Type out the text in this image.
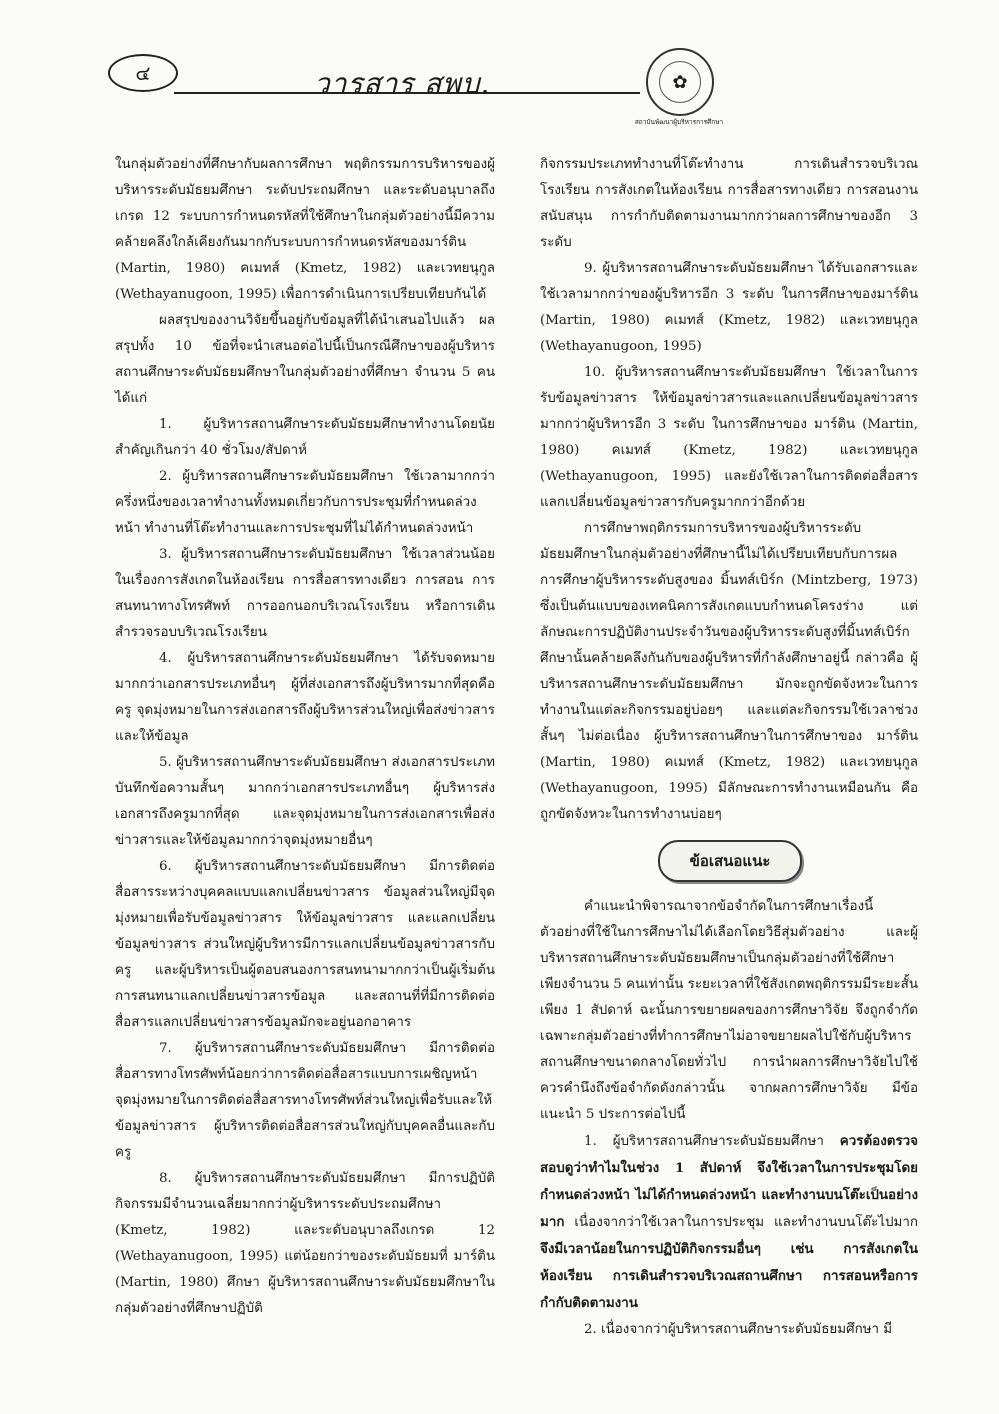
๔	วารสาร สพบ.	✿
สถาบันพัฒนาผู้บริหารการศึกษา

ในกลุ่มตัวอย่างที่ศึกษากับผลการศึกษา พฤติกรรมการบริหารของผู้บริหารระดับมัธยมศึกษา ระดับประถมศึกษา และระดับอนุบาลถึงเกรด 12 ระบบการกำหนดรหัสที่ใช้ศึกษาในกลุ่มตัวอย่างนี้มีความคล้ายคลึงใกล้เคียงกันมากกับระบบการกำหนดรหัสของมาร์ติน (Martin, 1980) คเมทส์ (Kmetz, 1982) และเวทยนุกูล (Wethayanugoon, 1995) เพื่อการดำเนินการเปรียบเทียบกันได้

ผลสรุปของงานวิจัยขึ้นอยู่กับข้อมูลที่ได้นำเสนอไปแล้ว ผลสรุปทั้ง 10 ข้อที่จะนำเสนอต่อไปนี้เป็นกรณีศึกษาของผู้บริหารสถานศึกษาระดับมัธยมศึกษาในกลุ่มตัวอย่างที่ศึกษา จำนวน 5 คน ได้แก่

1. ผู้บริหารสถานศึกษาระดับมัธยมศึกษาทำงานโดยนัยสำคัญเกินกว่า 40 ชั่วโมง/สัปดาห์

2. ผู้บริหารสถานศึกษาระดับมัธยมศึกษา ใช้เวลามากกว่าครึ่งหนึ่งของเวลาทำงานทั้งหมดเกี่ยวกับการประชุมที่กำหนดล่วงหน้า ทำงานที่โต๊ะทำงานและการประชุมที่ไม่ได้กำหนดล่วงหน้า

3. ผู้บริหารสถานศึกษาระดับมัธยมศึกษา ใช้เวลาส่วนน้อยในเรื่องการสังเกตในห้องเรียน การสื่อสารทางเดียว การสอน การสนทนาทางโทรศัพท์ การออกนอกบริเวณโรงเรียน หรือการเดินสำรวจรอบบริเวณโรงเรียน

4. ผู้บริหารสถานศึกษาระดับมัธยมศึกษา ได้รับจดหมายมากกว่าเอกสารประเภทอื่นๆ ผู้ที่ส่งเอกสารถึงผู้บริหารมากที่สุดคือครู จุดมุ่งหมายในการส่งเอกสารถึงผู้บริหารส่วนใหญ่เพื่อส่งข่าวสารและให้ข้อมูล

5. ผู้บริหารสถานศึกษาระดับมัธยมศึกษา ส่งเอกสารประเภทบันทึกข้อความสั้นๆ มากกว่าเอกสารประเภทอื่นๆ ผู้บริหารส่งเอกสารถึงครูมากที่สุด และจุดมุ่งหมายในการส่งเอกสารเพื่อส่งข่าวสารและให้ข้อมูลมากกว่าจุดมุ่งหมายอื่นๆ

6. ผู้บริหารสถานศึกษาระดับมัธยมศึกษา มีการติดต่อสื่อสารระหว่างบุคคลแบบแลกเปลี่ยนข่าวสาร ข้อมูลส่วนใหญ่มีจุดมุ่งหมายเพื่อรับข้อมูลข่าวสาร ให้ข้อมูลข่าวสาร และแลกเปลี่ยนข้อมูลข่าวสาร ส่วนใหญ่ผู้บริหารมีการแลกเปลี่ยนข้อมูลข่าวสารกับครู และผู้บริหารเป็นผู้ตอบสนองการสนทนามากกว่าเป็นผู้เริ่มต้นการสนทนาแลกเปลี่ยนข่าวสารข้อมูล และสถานที่ที่มีการติดต่อสื่อสารแลกเปลี่ยนข่าวสารข้อมูลมักจะอยู่นอกอาคาร

7. ผู้บริหารสถานศึกษาระดับมัธยมศึกษา มีการติดต่อสื่อสารทางโทรศัพท์น้อยกว่าการติดต่อสื่อสารแบบการเผชิญหน้า จุดมุ่งหมายในการติดต่อสื่อสารทางโทรศัพท์ส่วนใหญ่เพื่อรับและให้ข้อมูลข่าวสาร ผู้บริหารติดต่อสื่อสารส่วนใหญ่กับบุคคลอื่นและกับครู

8. ผู้บริหารสถานศึกษาระดับมัธยมศึกษา มีการปฏิบัติกิจกรรมมีจำนวนเฉลี่ยมากกว่าผู้บริหารระดับประถมศึกษา (Kmetz, 1982) และระดับอนุบาลถึงเกรด 12 (Wethayanugoon, 1995) แต่น้อยกว่าของระดับมัธยมที่ มาร์ติน (Martin, 1980) ศึกษา ผู้บริหารสถานศึกษาระดับมัธยมศึกษาในกลุ่มตัวอย่างที่ศึกษาปฏิบัติ

กิจกรรมประเภททำงานที่โต๊ะทำงาน การเดินสำรวจบริเวณโรงเรียน การสังเกตในห้องเรียน การสื่อสารทางเดียว การสอนงาน สนับสนุน การกำกับติดตามงานมากกว่าผลการศึกษาของอีก 3 ระดับ

9. ผู้บริหารสถานศึกษาระดับมัธยมศึกษา ได้รับเอกสารและใช้เวลามากกว่าของผู้บริหารอีก 3 ระดับ ในการศึกษาของมาร์ติน (Martin, 1980) คเมทส์ (Kmetz, 1982) และเวทยนุกูล (Wethayanugoon, 1995)

10. ผู้บริหารสถานศึกษาระดับมัธยมศึกษา ใช้เวลาในการรับข้อมูลข่าวสาร ให้ข้อมูลข่าวสารและแลกเปลี่ยนข้อมูลข่าวสาร มากกว่าผู้บริหารอีก 3 ระดับ ในการศึกษาของ มาร์ติน (Martin, 1980) คเมทส์ (Kmetz, 1982) และเวทยนุกูล (Wethayanugoon, 1995) และยังใช้เวลาในการติดต่อสื่อสารแลกเปลี่ยนข้อมูลข่าวสารกับครูมากกว่าอีกด้วย

การศึกษาพฤติกรรมการบริหารของผู้บริหารระดับมัธยมศึกษาในกลุ่มตัวอย่างที่ศึกษานี้ไม่ได้เปรียบเทียบกับการผลการศึกษาผู้บริหารระดับสูงของ มิ้นทส์เบิร์ก (Mintzberg, 1973) ซึ่งเป็นต้นแบบของเทคนิคการสังเกตแบบกำหนดโครงร่าง แต่ลักษณะการปฏิบัติงานประจำวันของผู้บริหารระดับสูงที่มิ้นทส์เบิร์กศึกษานั้นคล้ายคลึงกันกับของผู้บริหารที่กำลังศึกษาอยู่นี้ กล่าวคือ ผู้บริหารสถานศึกษาระดับมัธยมศึกษา มักจะถูกขัดจังหวะในการทำงานในแต่ละกิจกรรมอยู่บ่อยๆ และแต่ละกิจกรรมใช้เวลาช่วงสั้นๆ ไม่ต่อเนื่อง ผู้บริหารสถานศึกษาในการศึกษาของ มาร์ติน (Martin, 1980) คเมทส์ (Kmetz, 1982) และเวทยนุกูล (Wethayanugoon, 1995) มีลักษณะการทำงานเหมือนกัน คือ ถูกขัดจังหวะในการทำงานบ่อยๆ

ข้อเสนอแนะ

คำแนะนำพิจารณาจากข้อจำกัดในการศึกษาเรื่องนี้ ตัวอย่างที่ใช้ในการศึกษาไม่ได้เลือกโดยวิธีสุ่มตัวอย่าง และผู้บริหารสถานศึกษาระดับมัธยมศึกษาเป็นกลุ่มตัวอย่างที่ใช้ศึกษาเพียงจำนวน 5 คนเท่านั้น ระยะเวลาที่ใช้สังเกตพฤติกรรมมีระยะสั้นเพียง 1 สัปดาห์ ฉะนั้นการขยายผลของการศึกษาวิจัย จึงถูกจำกัดเฉพาะกลุ่มตัวอย่างที่ทำการศึกษาไม่อาจขยายผลไปใช้กับผู้บริหารสถานศึกษาขนาดกลางโดยทั่วไป การนำผลการศึกษาวิจัยไปใช้ควรคำนึงถึงข้อจำกัดดังกล่าวนั้น จากผลการศึกษาวิจัย มีข้อแนะนำ 5 ประการต่อไปนี้

1. ผู้บริหารสถานศึกษาระดับมัธยมศึกษา ควรต้องตรวจสอบดูว่าทำไมในช่วง 1 สัปดาห์ จึงใช้เวลาในการประชุมโดยกำหนดล่วงหน้า ไม่ได้กำหนดล่วงหน้า และทำงานบนโต๊ะเป็นอย่างมาก เนื่องจากว่าใช้เวลาในการประชุม และทำงานบนโต๊ะไปมาก จึงมีเวลาน้อยในการปฏิบัติกิจกรรมอื่นๆ เช่น การสังเกตในห้องเรียน การเดินสำรวจบริเวณสถานศึกษา การสอนหรือการกำกับติดตามงาน

2. เนื่องจากว่าผู้บริหารสถานศึกษาระดับมัธยมศึกษา มี
